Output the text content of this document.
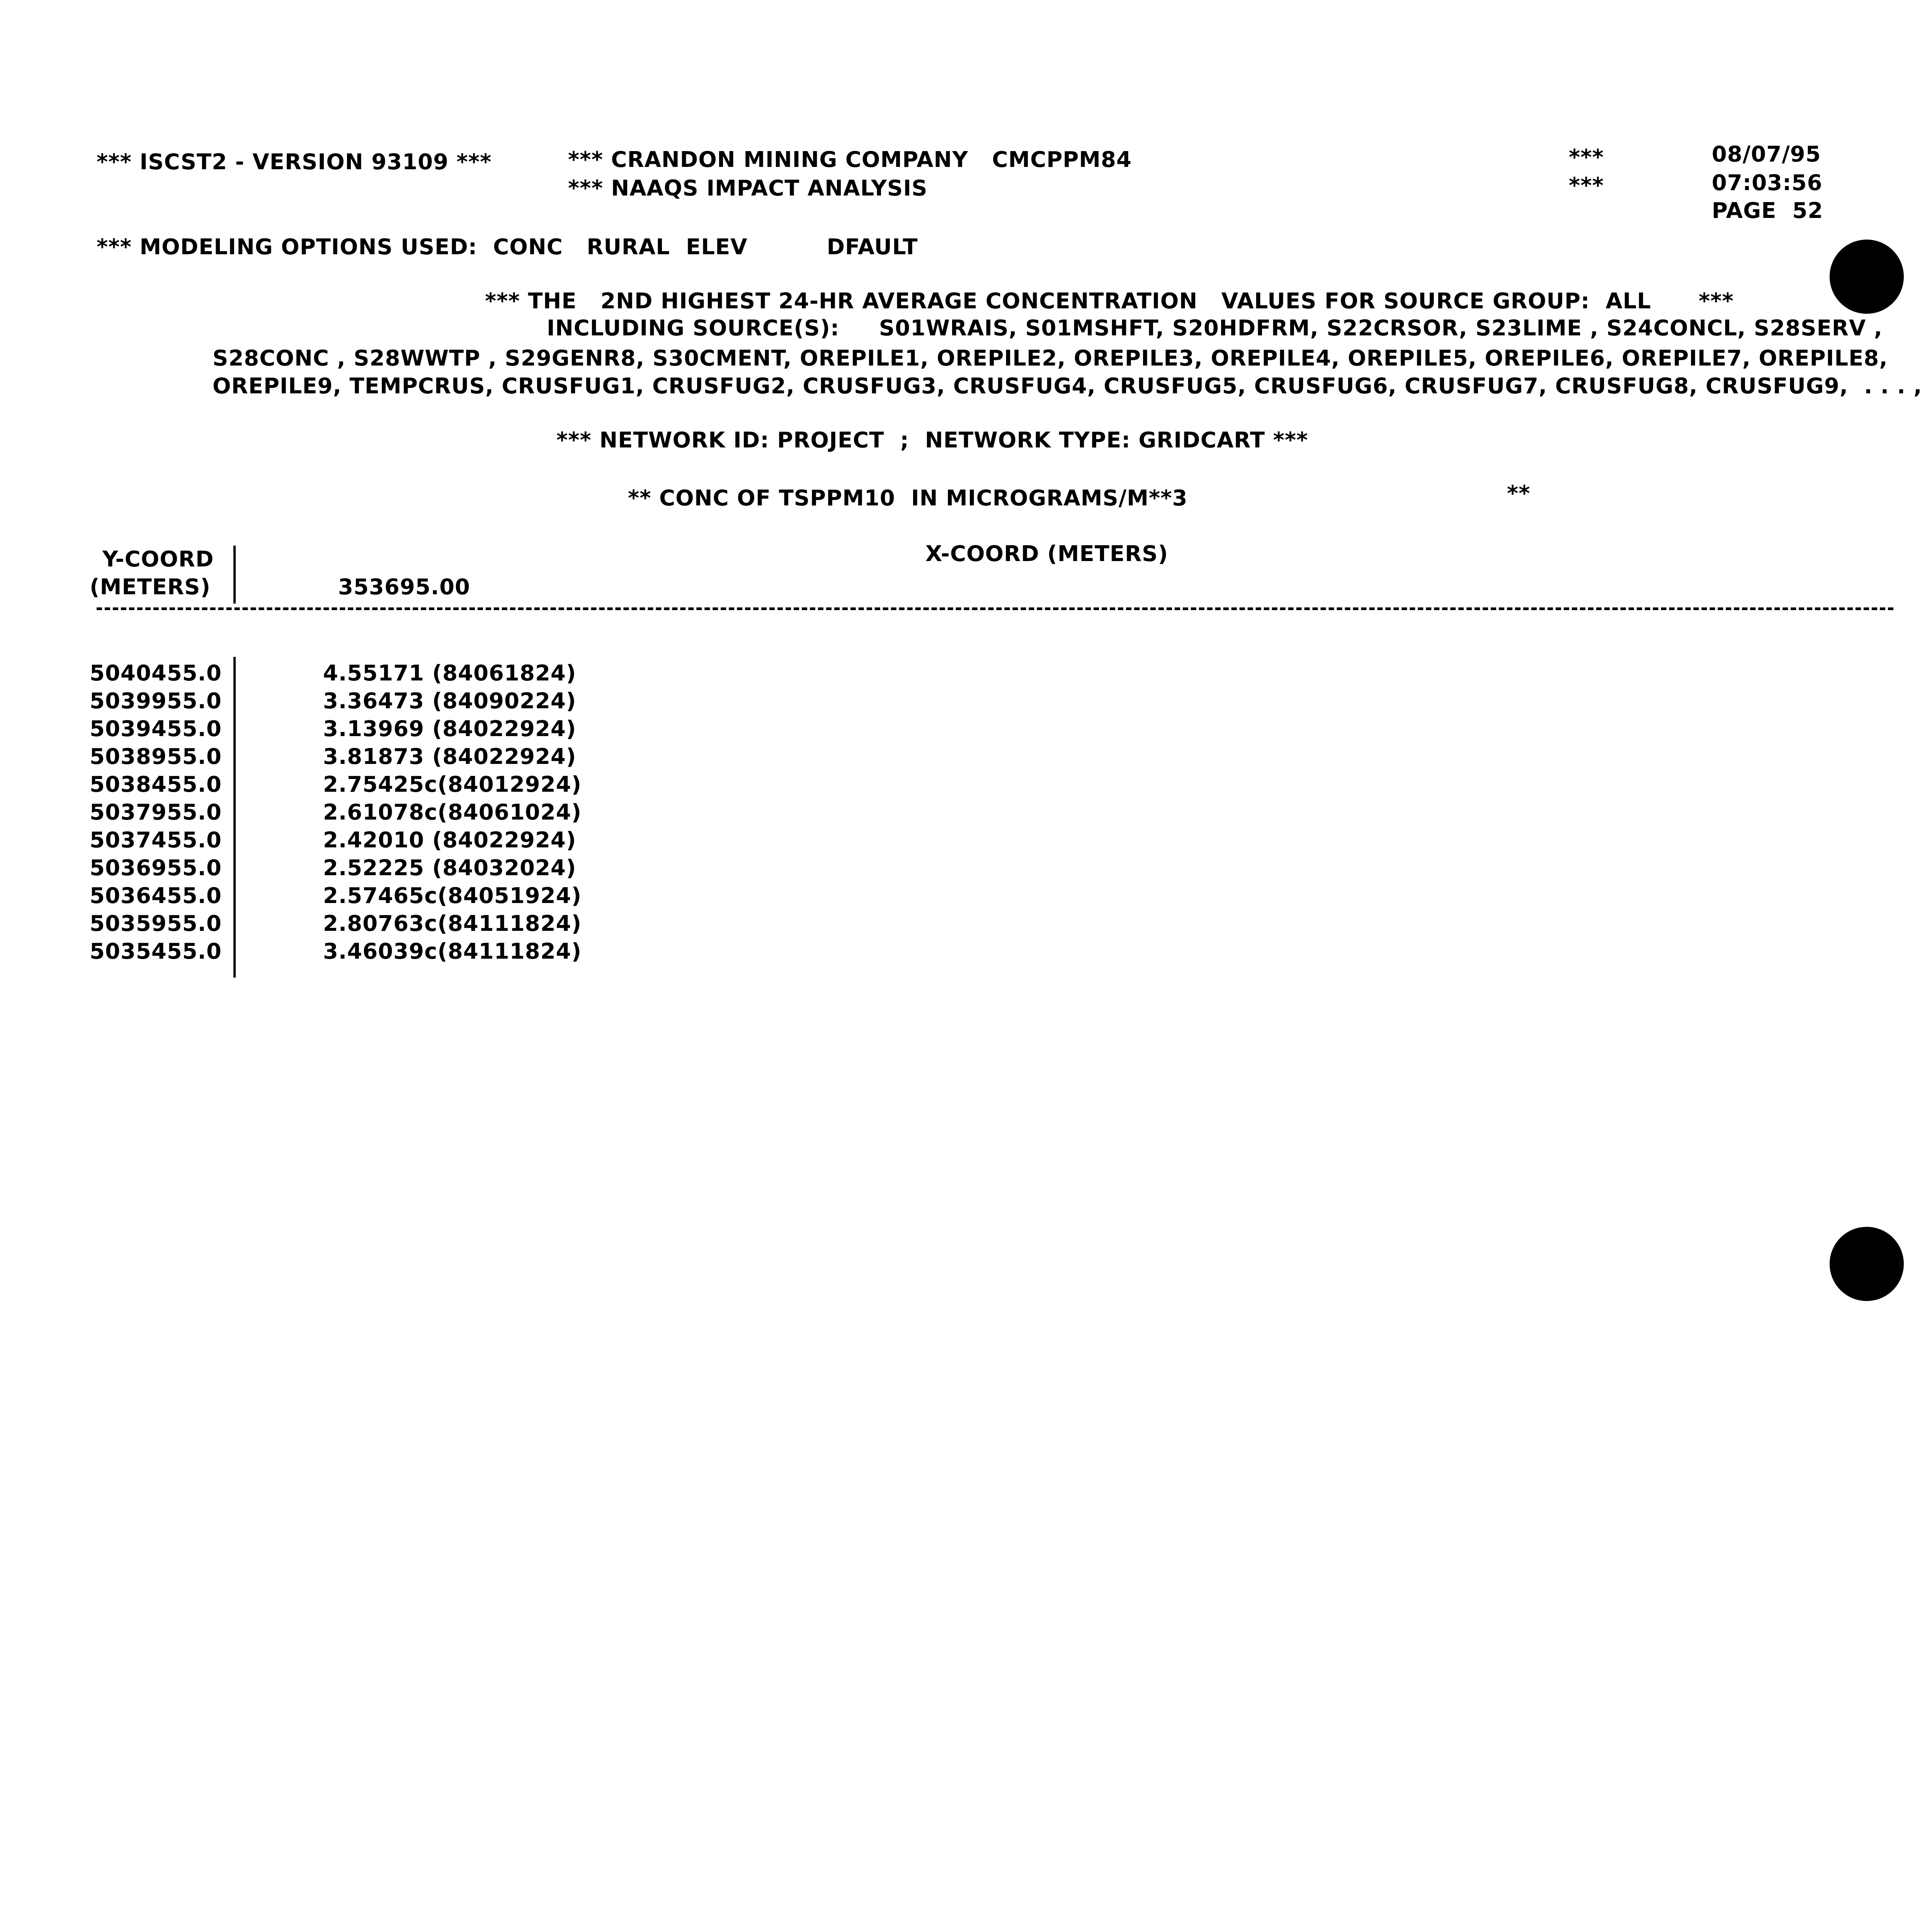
*** ISCST2 - VERSION 93109 ***	*** CRANDON MINING COMPANY   CMCPPM84
*** NAAQS IMPACT ANALYSIS
***
***
08/07/95
07:03:56
PAGE  52
*** MODELING OPTIONS USED:  CONC   RURAL  ELEV          DFAULT
*** THE   2ND HIGHEST 24-HR AVERAGE CONCENTRATION   VALUES FOR SOURCE GROUP:  ALL      ***
INCLUDING SOURCE(S):     S01WRAIS, S01MSHFT, S20HDFRM, S22CRSOR, S23LIME , S24CONCL, S28SERV ,
S28CONC , S28WWTP , S29GENR8, S30CMENT, OREPILE1, OREPILE2, OREPILE3, OREPILE4, OREPILE5, OREPILE6, OREPILE7, OREPILE8,
OREPILE9, TEMPCRUS, CRUSFUG1, CRUSFUG2, CRUSFUG3, CRUSFUG4, CRUSFUG5, CRUSFUG6, CRUSFUG7, CRUSFUG8, CRUSFUG9,  . . . ,
*** NETWORK ID: PROJECT  ;  NETWORK TYPE: GRIDCART ***
** CONC OF TSPPM10  IN MICROGRAMS/M**3	**
X-COORD (METERS)
Y-COORD
(METERS)	353695.00
5040455.0	4.55171 (84061824)
5039955.0	3.36473 (84090224)
5039455.0	3.13969 (84022924)
5038955.0	3.81873 (84022924)
5038455.0	2.75425c(84012924)
5037955.0	2.61078c(84061024)
5037455.0	2.42010 (84022924)
5036955.0	2.52225 (84032024)
5036455.0	2.57465c(84051924)
5035955.0	2.80763c(84111824)
5035455.0	3.46039c(84111824)
